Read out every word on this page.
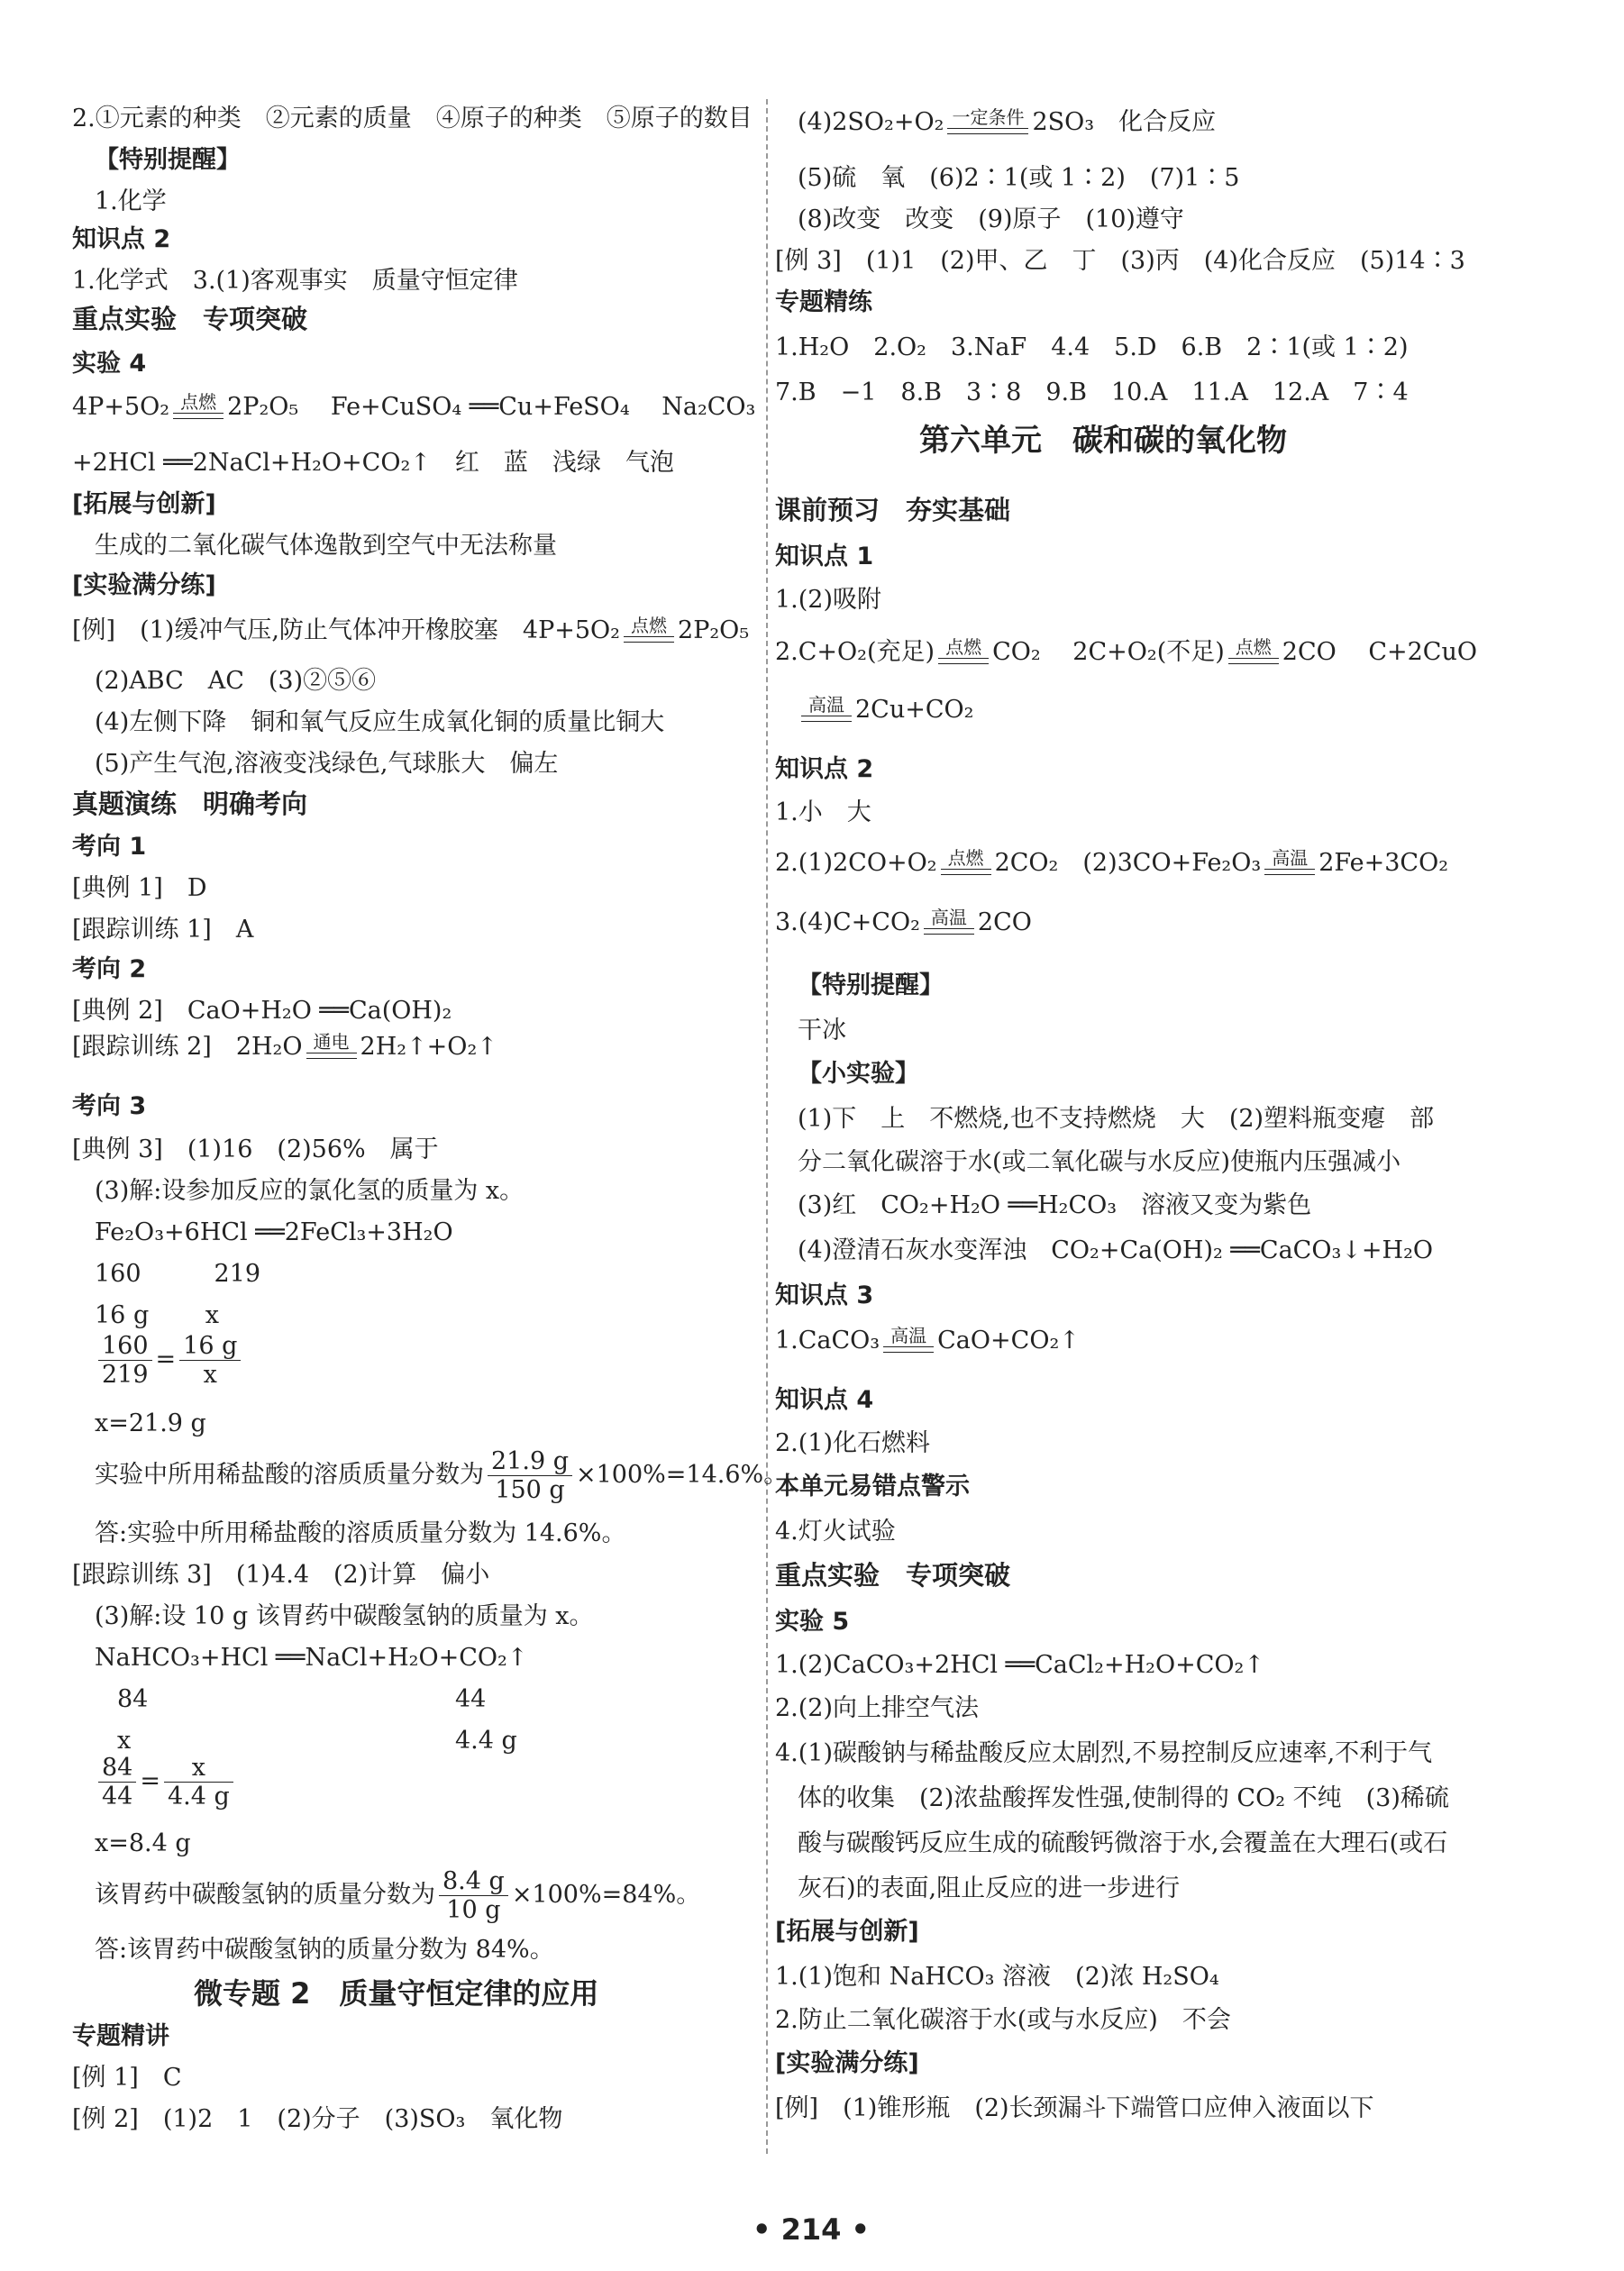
2.①元素的种类　②元素的质量　④原子的种类　⑤原子的数目
【特别提醒】
1.化学
知识点 2
1.化学式　3.(1)客观事实　质量守恒定律
重点实验　专项突破
实验 4
4P+5O₂ 点燃 2P₂O₅　 Fe+CuSO₄ ══Cu+FeSO₄　 Na₂CO₃
+2HCl ══2NaCl+H₂O+CO₂↑　红　蓝　浅绿　气泡
[拓展与创新]
生成的二氧化碳气体逸散到空气中无法称量
[实验满分练]
[例]　(1)缓冲气压,防止气体冲开橡胶塞　4P+5O₂ 点燃 2P₂O₅
(2)ABC　AC　(3)②⑤⑥
(4)左侧下降　铜和氧气反应生成氧化铜的质量比铜大
(5)产生气泡,溶液变浅绿色,气球胀大　偏左
真题演练　明确考向
考向 1
[典例 1]　D
[跟踪训练 1]　A
考向 2
[典例 2]　CaO+H₂O ══Ca(OH)₂
[跟踪训练 2]　2H₂O 通电 2H₂↑+O₂↑
考向 3
[典例 3]　(1)16　(2)56%　属于
(3)解:设参加反应的氯化氢的质量为 x。
Fe₂O₃+6HCl ══2FeCl₃+3H₂O
160　　　219
16 g　　 x
$\frac{160}{219} = \frac{16 g}{x}$
x=21.9 g
实验中所用稀盐酸的溶质质量分数为 $\frac{21.9 g}{150 g} \times 100\%=14.6\%$。
答:实验中所用稀盐酸的溶质质量分数为 14.6%。
[跟踪训练 3]　(1)4.4　(2)计算　偏小
(3)解:设 10 g 该胃药中碳酸氢钠的质量为 x。
NaHCO₃+HCl ══NaCl+H₂O+CO₂↑
84	44
x	4.4 g
$\frac{84}{44} = \frac{x}{4.4 g}$
x=8.4 g
该胃药中碳酸氢钠的质量分数为 $\frac{8.4 g}{10 g} \times 100\%=84\%$。
答:该胃药中碳酸氢钠的质量分数为 84%。
微专题 2　质量守恒定律的应用
专题精讲
[例 1]　C
[例 2]　(1)2　1　(2)分子　(3)SO₃　氧化物
(4)2SO₂+O₂ 一定条件 2SO₃　化合反应
(5)硫　氧　(6)2∶1(或 1∶2)　(7)1∶5
(8)改变　改变　(9)原子　(10)遵守
[例 3]　(1)1　(2)甲、乙　丁　(3)丙　(4)化合反应　(5)14∶3
专题精练
1.H₂O　2.O₂　3.NaF　4.4　5.D　6.B　2∶1(或 1∶2)
7.B　−1　8.B　3∶8　9.B　10.A　11.A　12.A　7∶4
第六单元　碳和碳的氧化物
课前预习　夯实基础
知识点 1
1.(2)吸附
2.C+O₂(充足) 点燃 CO₂　 2C+O₂(不足) 点燃 2CO　 C+2CuO
高温 2Cu+CO₂
知识点 2
1.小　大
2.(1)2CO+O₂ 点燃 2CO₂　(2)3CO+Fe₂O₃ 高温 2Fe+3CO₂
3.(4)C+CO₂ 高温 2CO
【特别提醒】
干冰
【小实验】
(1)下　上　不燃烧,也不支持燃烧　大　(2)塑料瓶变瘪　部
分二氧化碳溶于水(或二氧化碳与水反应)使瓶内压强减小
(3)红　CO₂+H₂O ══H₂CO₃　溶液又变为紫色
(4)澄清石灰水变浑浊　CO₂+Ca(OH)₂ ══CaCO₃↓+H₂O
知识点 3
1.CaCO₃ 高温 CaO+CO₂↑
知识点 4
2.(1)化石燃料
本单元易错点警示
4.灯火试验
重点实验　专项突破
实验 5
1.(2)CaCO₃+2HCl ══CaCl₂+H₂O+CO₂↑
2.(2)向上排空气法
4.(1)碳酸钠与稀盐酸反应太剧烈,不易控制反应速率,不利于气
体的收集　(2)浓盐酸挥发性强,使制得的 CO₂ 不纯　(3)稀硫
酸与碳酸钙反应生成的硫酸钙微溶于水,会覆盖在大理石(或石
灰石)的表面,阻止反应的进一步进行
[拓展与创新]
1.(1)饱和 NaHCO₃ 溶液　(2)浓 H₂SO₄
2.防止二氧化碳溶于水(或与水反应)　不会
[实验满分练]
[例]　(1)锥形瓶　(2)长颈漏斗下端管口应伸入液面以下
• 214 •
